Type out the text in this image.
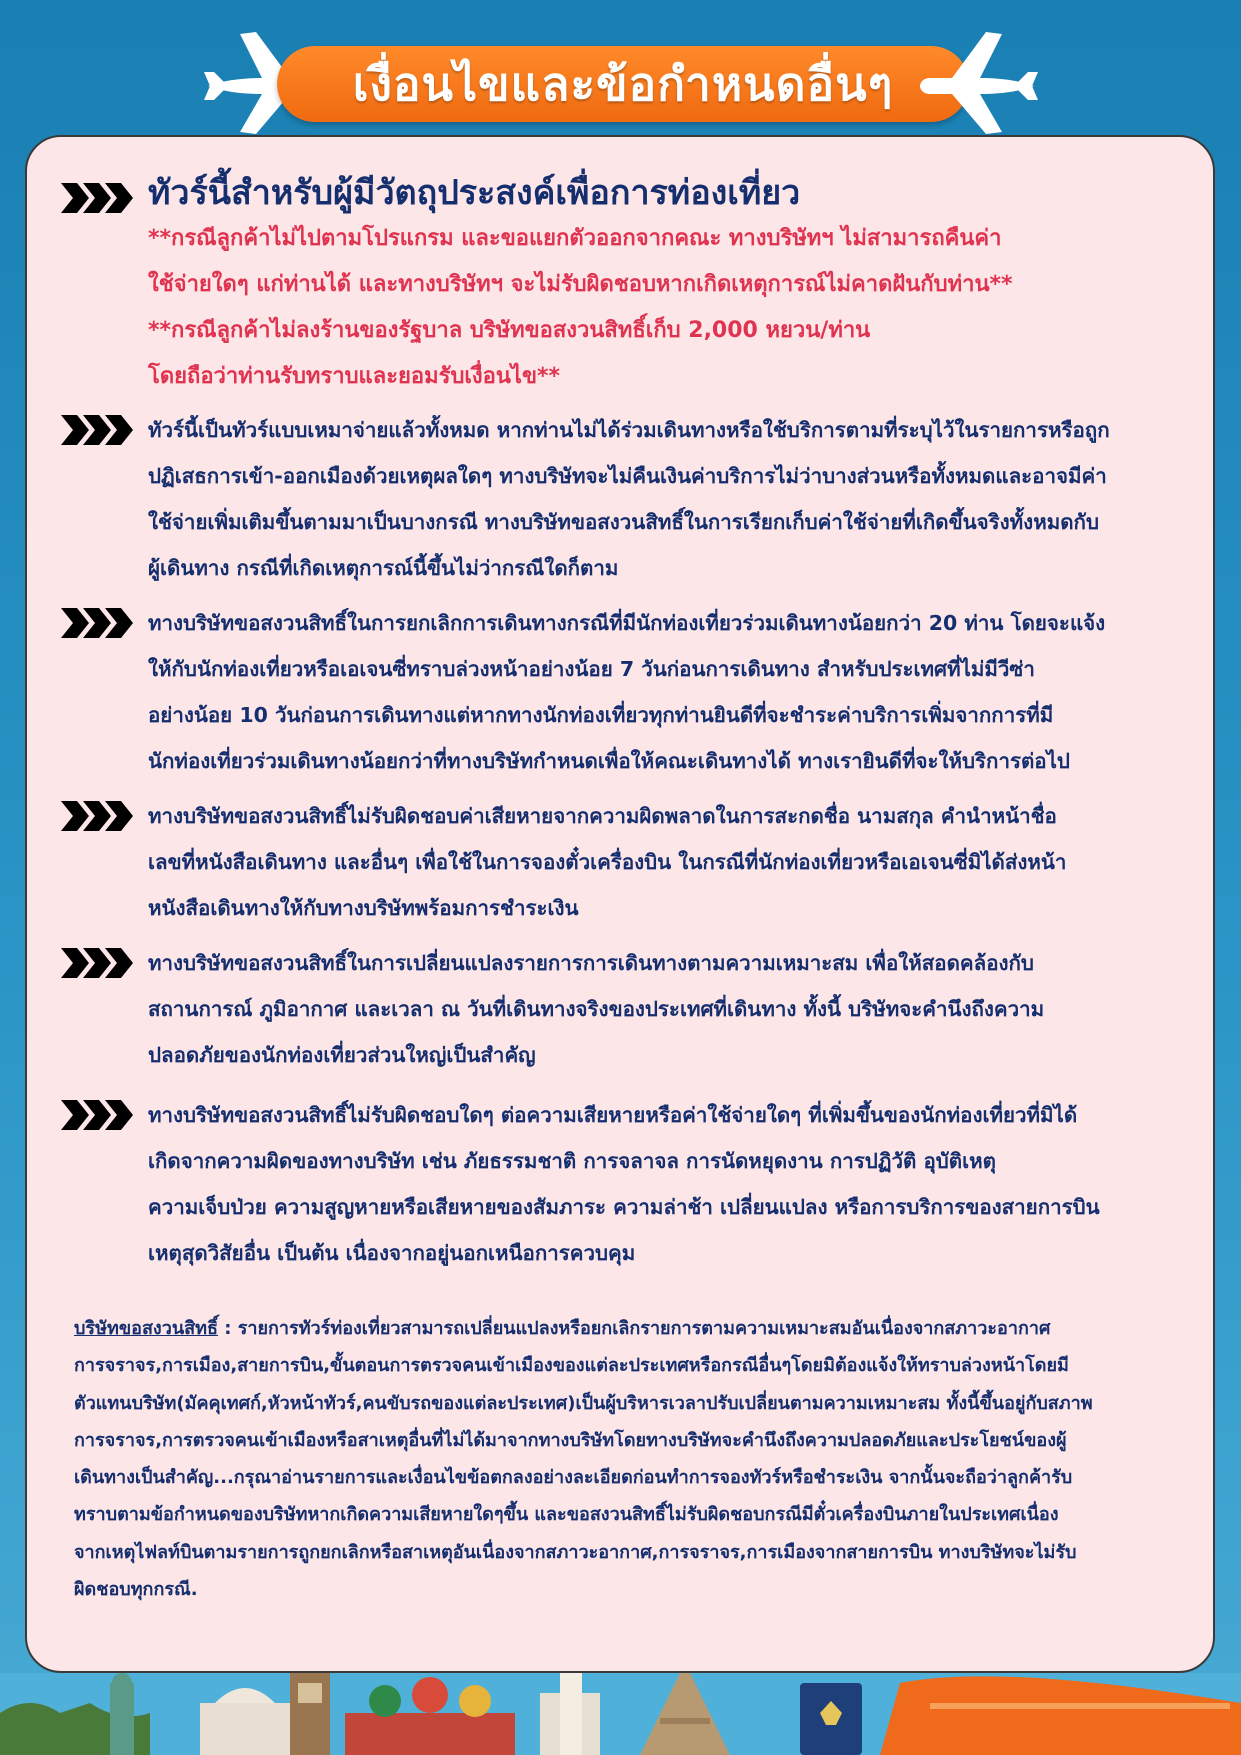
เงื่อนไขและข้อกำหนดอื่นๆ
ทัวร์นี้สำหรับผู้มีวัตถุประสงค์เพื่อการท่องเที่ยว
**กรณีลูกค้าไม่ไปตามโปรแกรม และขอแยกตัวออกจากคณะ ทางบริษัทฯ ไม่สามารถคืนค่า
ใช้จ่ายใดๆ แก่ท่านได้ และทางบริษัทฯ จะไม่รับผิดชอบหากเกิดเหตุการณ์ไม่คาดฝันกับท่าน**
**กรณีลูกค้าไม่ลงร้านของรัฐบาล บริษัทขอสงวนสิทธิ์เก็บ 2,000 หยวน/ท่าน
โดยถือว่าท่านรับทราบและยอมรับเงื่อนไข**
ทัวร์นี้เป็นทัวร์แบบเหมาจ่ายแล้วทั้งหมด หากท่านไม่ได้ร่วมเดินทางหรือใช้บริการตามที่ระบุไว้ในรายการหรือถูก
ปฏิเสธการเข้า-ออกเมืองด้วยเหตุผลใดๆ ทางบริษัทจะไม่คืนเงินค่าบริการไม่ว่าบางส่วนหรือทั้งหมดและอาจมีค่า
ใช้จ่ายเพิ่มเติมขึ้นตามมาเป็นบางกรณี ทางบริษัทขอสงวนสิทธิ์ในการเรียกเก็บค่าใช้จ่ายที่เกิดขึ้นจริงทั้งหมดกับ
ผู้เดินทาง กรณีที่เกิดเหตุการณ์นี้ขึ้นไม่ว่ากรณีใดก็ตาม
ทางบริษัทขอสงวนสิทธิ์ในการยกเลิกการเดินทางกรณีที่มีนักท่องเที่ยวร่วมเดินทางน้อยกว่า 20 ท่าน โดยจะแจ้ง
ให้กับนักท่องเที่ยวหรือเอเจนซี่ทราบล่วงหน้าอย่างน้อย 7 วันก่อนการเดินทาง สำหรับประเทศที่ไม่มีวีซ่า
อย่างน้อย 10 วันก่อนการเดินทางแต่หากทางนักท่องเที่ยวทุกท่านยินดีที่จะชำระค่าบริการเพิ่มจากการที่มี
นักท่องเที่ยวร่วมเดินทางน้อยกว่าที่ทางบริษัทกำหนดเพื่อให้คณะเดินทางได้ ทางเรายินดีที่จะให้บริการต่อไป
ทางบริษัทขอสงวนสิทธิ์ไม่รับผิดชอบค่าเสียหายจากความผิดพลาดในการสะกดชื่อ นามสกุล คำนำหน้าชื่อ
เลขที่หนังสือเดินทาง และอื่นๆ เพื่อใช้ในการจองตั๋วเครื่องบิน ในกรณีที่นักท่องเที่ยวหรือเอเจนซี่มิได้ส่งหน้า
หนังสือเดินทางให้กับทางบริษัทพร้อมการชำระเงิน
ทางบริษัทขอสงวนสิทธิ์ในการเปลี่ยนแปลงรายการการเดินทางตามความเหมาะสม เพื่อให้สอดคล้องกับ
สถานการณ์ ภูมิอากาศ และเวลา ณ วันที่เดินทางจริงของประเทศที่เดินทาง ทั้งนี้ บริษัทจะคำนึงถึงความ
ปลอดภัยของนักท่องเที่ยวส่วนใหญ่เป็นสำคัญ
ทางบริษัทขอสงวนสิทธิ์ไม่รับผิดชอบใดๆ ต่อความเสียหายหรือค่าใช้จ่ายใดๆ ที่เพิ่มขึ้นของนักท่องเที่ยวที่มิได้
เกิดจากความผิดของทางบริษัท เช่น ภัยธรรมชาติ การจลาจล การนัดหยุดงาน การปฏิวัติ อุบัติเหตุ
ความเจ็บป่วย ความสูญหายหรือเสียหายของสัมภาระ ความล่าช้า เปลี่ยนแปลง หรือการบริการของสายการบิน
เหตุสุดวิสัยอื่น เป็นต้น เนื่องจากอยู่นอกเหนือการควบคุม
บริษัทขอสงวนสิทธิ์ : รายการทัวร์ท่องเที่ยวสามารถเปลี่ยนแปลงหรือยกเลิกรายการตามความเหมาะสมอันเนื่องจากสภาวะอากาศ
การจราจร,การเมือง,สายการบิน,ขั้นตอนการตรวจคนเข้าเมืองของแต่ละประเทศหรือกรณีอื่นๆโดยมิต้องแจ้งให้ทราบล่วงหน้าโดยมี
ตัวแทนบริษัท(มัคคุเทศก์,หัวหน้าทัวร์,คนขับรถของแต่ละประเทศ)เป็นผู้บริหารเวลาปรับเปลี่ยนตามความเหมาะสม ทั้งนี้ขึ้นอยู่กับสภาพ
การจราจร,การตรวจคนเข้าเมืองหรือสาเหตุอื่นที่ไม่ได้มาจากทางบริษัทโดยทางบริษัทจะคำนึงถึงความปลอดภัยและประโยชน์ของผู้
เดินทางเป็นสำคัญ...กรุณาอ่านรายการและเงื่อนไขข้อตกลงอย่างละเอียดก่อนทำการจองทัวร์หรือชำระเงิน จากนั้นจะถือว่าลูกค้ารับ
ทราบตามข้อกำหนดของบริษัทหากเกิดความเสียหายใดๆขึ้น และขอสงวนสิทธิ์ไม่รับผิดชอบกรณีมีตั๋วเครื่องบินภายในประเทศเนื่อง
จากเหตุไฟลท์บินตามรายการถูกยกเลิกหรือสาเหตุอันเนื่องจากสภาวะอากาศ,การจราจร,การเมืองจากสายการบิน ทางบริษัทจะไม่รับ
ผิดชอบทุกกรณี.
